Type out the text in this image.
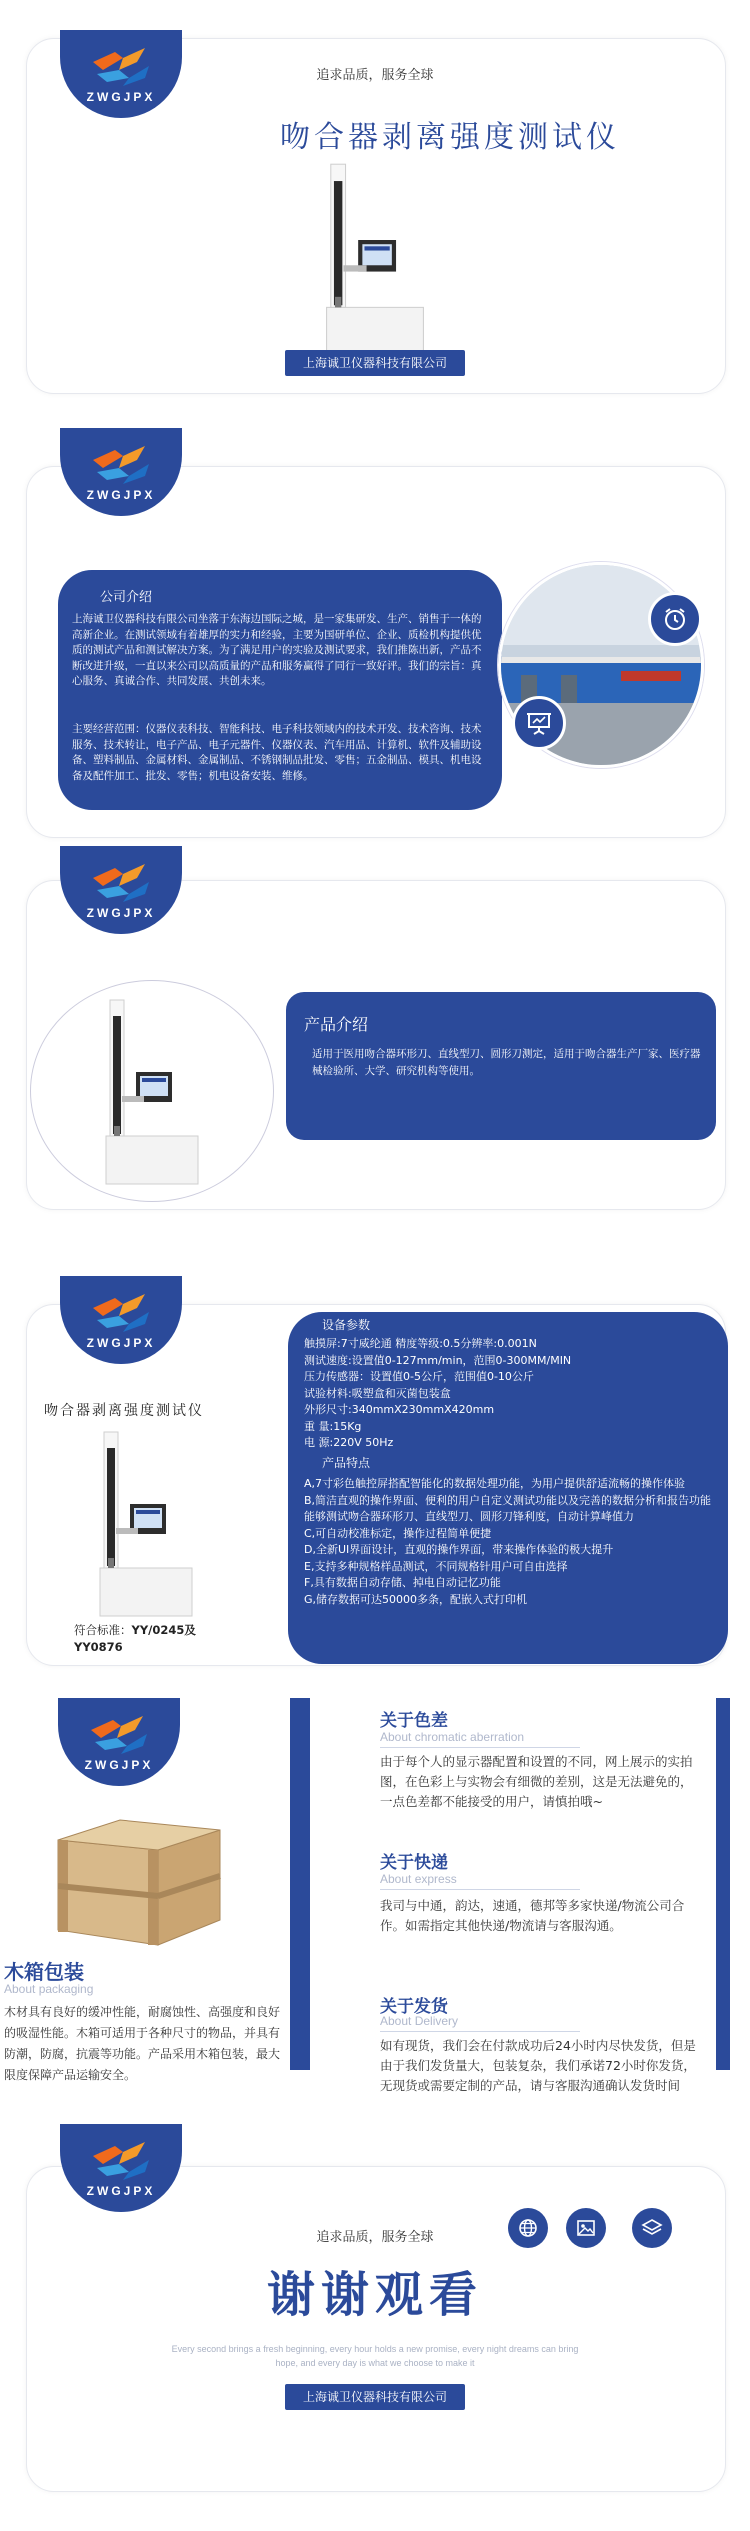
ZWGJPX
追求品质，服务全球
吻合器剥离强度测试仪
上海诚卫仪器科技有限公司
ZWGJPX
公司介绍
上海诚卫仪器科技有限公司坐落于东海边国际之城，是一家集研发、生产、销售于一体的高新企业。在测试领域有着雄厚的实力和经验，主要为国研单位、企业、质检机构提供优质的测试产品和测试解决方案。为了满足用户的实验及测试要求，我们推陈出新，产品不断改进升级，一直以来公司以高质量的产品和服务赢得了同行一致好评。我们的宗旨：真心服务、真诚合作、共同发展、共创未来。
主要经营范围：仪器仪表科技、智能科技、电子科技领域内的技术开发、技术咨询、技术服务、技术转让，电子产品、电子元器件、仪器仪表、汽车用品、计算机、软件及辅助设备、塑料制品、金属材料、金属制品、不锈钢制品批发、零售；五金制品、模具、机电设备及配件加工、批发、零售；机电设备安装、维修。
ZWGJPX
产品介绍
适用于医用吻合器环形刀、直线型刀、圆形刀测定，适用于吻合器生产厂家、医疗器械检验所、大学、研究机构等使用。
ZWGJPX
吻合器剥离强度测试仪
符合标准：YY/0245及
YY0876
设备参数
触摸屏:7寸威纶通 精度等级:0.5分辨率:0.001N
测试速度:设置值0-127mm/min，范围0-300MM/MIN
压力传感器：设置值0-5公斤，范围值0-10公斤
试验材料:吸塑盒和灭菌包装盒
外形尺寸:340mmX230mmX420mm
重 量:15Kg
电 源:220V 50Hz
产品特点
A,7寸彩色触控屏搭配智能化的数据处理功能，为用户提供舒适流畅的操作体验
B,简洁直观的操作界面、便利的用户自定义测试功能以及完善的数据分析和报告功能能够测试吻合器环形刀、直线型刀、圆形刀锋利度，自动计算峰值力
C,可自动校准标定，操作过程简单便捷
D,全新UI界面设计，直观的操作界面，带来操作体验的极大提升
E,支持多种规格样品测试，不同规格针用户可自由选择
F,具有数据自动存储、掉电自动记忆功能
G,储存数据可达50000多条，配嵌入式打印机
ZWGJPX
木箱包装
About packaging
木材具有良好的缓冲性能，耐腐蚀性、高强度和良好的吸湿性能。木箱可适用于各种尺寸的物品，并具有防潮，防腐，抗震等功能。产品采用木箱包装，最大限度保障产品运输安全。
关于色差
About chromatic aberration
由于每个人的显示器配置和设置的不同，网上展示的实拍图，在色彩上与实物会有细微的差别，这是无法避免的，一点色差都不能接受的用户，请慎拍哦~
关于快递
About express
我司与中通，韵达，速通，德邦等多家快递/物流公司合作。如需指定其他快递/物流请与客服沟通。
关于发货
About Delivery
如有现货，我们会在付款成功后24小时内尽快发货，但是由于我们发货量大，包装复杂，我们承诺72小时你发货，无现货或需要定制的产品，请与客服沟通确认发货时间
ZWGJPX
追求品质，服务全球
谢谢观看
Every second brings a fresh beginning, every hour holds a new promise, every night dreams can bring
hope, and every day is what we choose to make it
上海诚卫仪器科技有限公司
